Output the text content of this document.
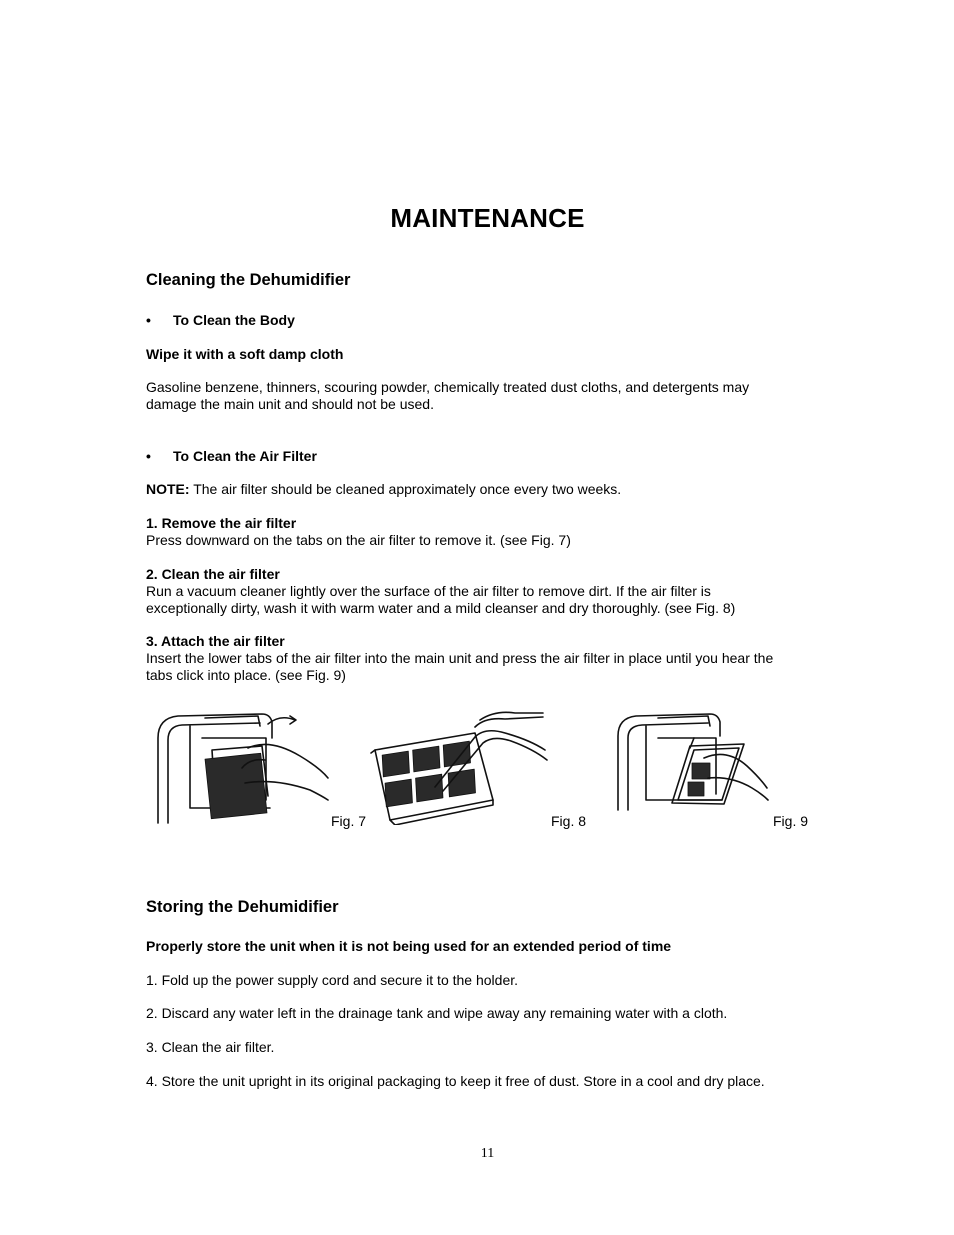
MAINTENANCE
Cleaning the Dehumidifier
• To Clean the Body
Wipe it with a soft damp cloth
Gasoline benzene, thinners, scouring powder, chemically treated dust cloths, and detergents may
damage the main unit and should not be used.
• To Clean the Air Filter
NOTE: The air filter should be cleaned approximately once every two weeks.
1. Remove the air filter
Press downward on the tabs on the air filter to remove it. (see Fig. 7)
2. Clean the air filter
Run a vacuum cleaner lightly over the surface of the air filter to remove dirt. If the air filter is
exceptionally dirty, wash it with warm water and a mild cleanser and dry thoroughly. (see Fig. 8)
3. Attach the air filter
Insert the lower tabs of the air filter into the main unit and press the air filter in place until you hear the
tabs click into place. (see Fig. 9)
Fig. 7	Fig. 8	Fig. 9
Storing the Dehumidifier
Properly store the unit when it is not being used for an extended period of time
1. Fold up the power supply cord and secure it to the holder.
2. Discard any water left in the drainage tank and wipe away any remaining water with a cloth.
3. Clean the air filter.
4. Store the unit upright in its original packaging to keep it free of dust. Store in a cool and dry place.
11
